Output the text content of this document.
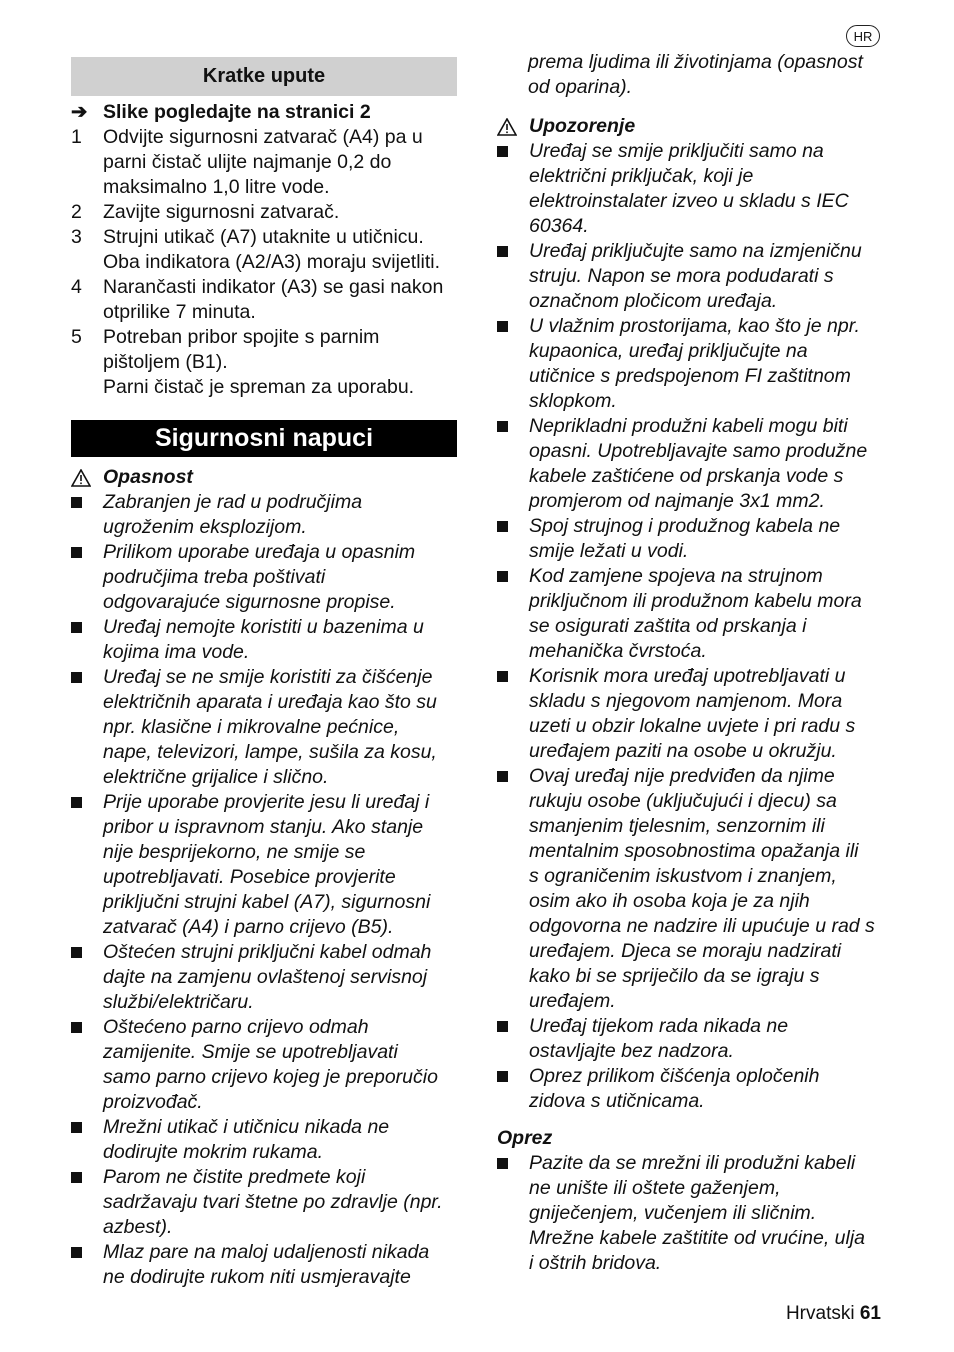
HR
Kratke upute
➔ Slike pogledajte na stranici 2
1 Odvijte sigurnosni zatvarač (A4) pa u
parni čistač ulijte najmanje 0,2 do
maksimalno 1,0 litre vode.
2 Zavijte sigurnosni zatvarač.
3 Strujni utikač (A7) utaknite u utičnicu.
Oba indikatora (A2/A3) moraju svijetliti.
4 Narančasti indikator (A3) se gasi nakon
otprilike 7 minuta.
5 Potreban pribor spojite s parnim
pištoljem (B1).
Parni čistač je spreman za uporabu.
Sigurnosni napuci
Opasnost
Zabranjen je rad u područjima
ugroženim eksplozijom.
Prilikom uporabe uređaja u opasnim
područjima treba poštivati
odgovarajuće sigurnosne propise.
Uređaj nemojte koristiti u bazenima u
kojima ima vode.
Uređaj se ne smije koristiti za čišćenje
električnih aparata i uređaja kao što su
npr. klasične i mikrovalne pećnice,
nape, televizori, lampe, sušila za kosu,
električne grijalice i slično.
Prije uporabe provjerite jesu li uređaj i
pribor u ispravnom stanju. Ako stanje
nije besprijekorno, ne smije se
upotrebljavati. Posebice provjerite
priključni strujni kabel (A7), sigurnosni
zatvarač (A4) i parno crijevo (B5).
Oštećen strujni priključni kabel odmah
dajte na zamjenu ovlaštenoj servisnoj
službi/električaru.
Oštećeno parno crijevo odmah
zamijenite. Smije se upotrebljavati
samo parno crijevo kojeg je preporučio
proizvođač.
Mrežni utikač i utičnicu nikada ne
dodirujte mokrim rukama.
Parom ne čistite predmete koji
sadržavaju tvari štetne po zdravlje (npr.
azbest).
Mlaz pare na maloj udaljenosti nikada
ne dodirujte rukom niti usmjeravajte
prema ljudima ili životinjama (opasnost
od oparina).
Upozorenje
Uređaj se smije priključiti samo na
električni priključak, koji je
elektroinstalater izveo u skladu s IEC
60364.
Uređaj priključujte samo na izmjeničnu
struju. Napon se mora podudarati s
označnom pločicom uređaja.
U vlažnim prostorijama, kao što je npr.
kupaonica, uređaj priključujte na
utičnice s predspojenom FI zaštitnom
sklopkom.
Neprikladni produžni kabeli mogu biti
opasni. Upotrebljavajte samo produžne
kabele zaštićene od prskanja vode s
promjerom od najmanje 3x1 mm2.
Spoj strujnog i produžnog kabela ne
smije ležati u vodi.
Kod zamjene spojeva na strujnom
priključnom ili produžnom kabelu mora
se osigurati zaštita od prskanja i
mehanička čvrstoća.
Korisnik mora uređaj upotrebljavati u
skladu s njegovom namjenom. Mora
uzeti u obzir lokalne uvjete i pri radu s
uređajem paziti na osobe u okružju.
Ovaj uređaj nije predviđen da njime
rukuju osobe (uključujući i djecu) sa
smanjenim tjelesnim, senzornim ili
mentalnim sposobnostima opažanja ili
s ograničenim iskustvom i znanjem,
osim ako ih osoba koja je za njih
odgovorna ne nadzire ili upućuje u rad s
uređajem. Djeca se moraju nadzirati
kako bi se spriječilo da se igraju s
uređajem.
Uređaj tijekom rada nikada ne
ostavljajte bez nadzora.
Oprez prilikom čišćenja opločenih
zidova s utičnicama.
Oprez
Pazite da se mrežni ili produžni kabeli
ne unište ili oštete gaženjem,
gniječenjem, vučenjem ili sličnim.
Mrežne kabele zaštitite od vrućine, ulja
i oštrih bridova.
Hrvatski 61
